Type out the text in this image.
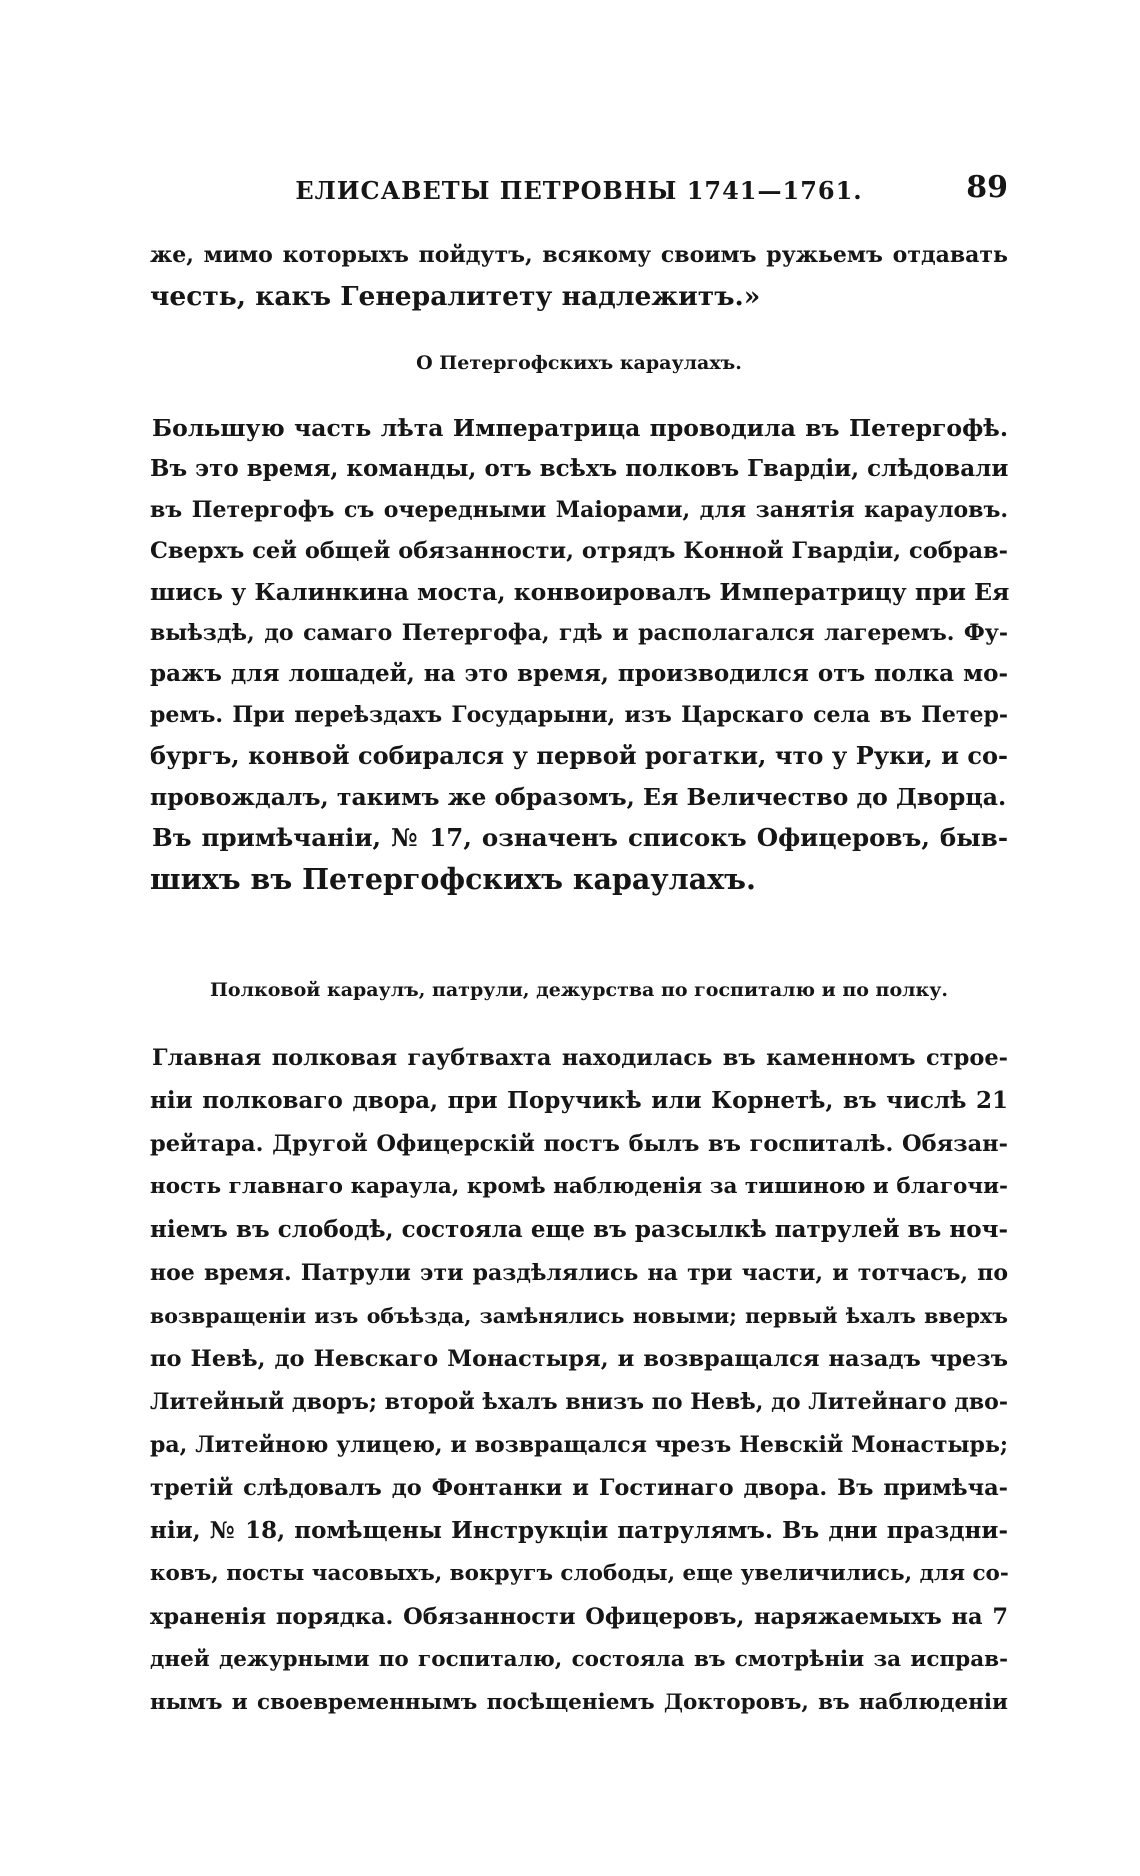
ЕЛИСАВЕТЫ ПЕТРОВНЫ 1741—1761.	89
же, мимо которыхъ пойдутъ, всякому своимъ ружьемъ отдавать
честь, какъ Генералитету надлежитъ.»
О Петергофскихъ караулахъ.
Большую часть лѣта Императрица проводила въ Петергофѣ.
Въ это время, команды, отъ всѣхъ полковъ Гвардіи, слѣдовали
въ Петергофъ съ очередными Маіорами, для занятія карауловъ.
Сверхъ сей общей обязанности, отрядъ Конной Гвардіи, собрав-
шись у Калинкина моста, конвоировалъ Императрицу при Ея
выѣздѣ, до самаго Петергофа, гдѣ и располагался лагеремъ. Фу-
ражъ для лошадей, на это время, производился отъ полка мо-
ремъ. При переѣздахъ Государыни, изъ Царскаго села въ Петер-
бургъ, конвой собирался у первой рогатки, что у Руки, и со-
провождалъ, такимъ же образомъ, Ея Величество до Дворца.
Въ примѣчаніи, № 17, означенъ списокъ Офицеровъ, быв-
шихъ въ Петергофскихъ караулахъ.
Полковой караулъ, патрули, дежурства по госпиталю и по полку.
Главная полковая гаубтвахта находилась въ каменномъ строе-
ніи полковаго двора, при Поручикѣ или Корнетѣ, въ числѣ 21
рейтара. Другой Офицерскій постъ былъ въ госпиталѣ. Обязан-
ность главнаго караула, кромѣ наблюденія за тишиною и благочи-
ніемъ въ слободѣ, состояла еще въ разсылкѣ патрулей въ ноч-
ное время. Патрули эти раздѣлялись на три части, и тотчасъ, по
возвращеніи изъ объѣзда, замѣнялись новыми; первый ѣхалъ вверхъ
по Невѣ, до Невскаго Монастыря, и возвращался назадъ чрезъ
Литейный дворъ; второй ѣхалъ внизъ по Невѣ, до Литейнаго дво-
ра, Литейною улицею, и возвращался чрезъ Невскій Монастырь;
третій слѣдовалъ до Фонтанки и Гостинаго двора. Въ примѣча-
ніи, № 18, помѣщены Инструкціи патрулямъ. Въ дни праздни-
ковъ, посты часовыхъ, вокругъ слободы, еще увеличились, для со-
храненія порядка. Обязанности Офицеровъ, наряжаемыхъ на 7
дней дежурными по госпиталю, состояла въ смотрѣніи за исправ-
нымъ и своевременнымъ посѣщеніемъ Докторовъ, въ наблюденіи
